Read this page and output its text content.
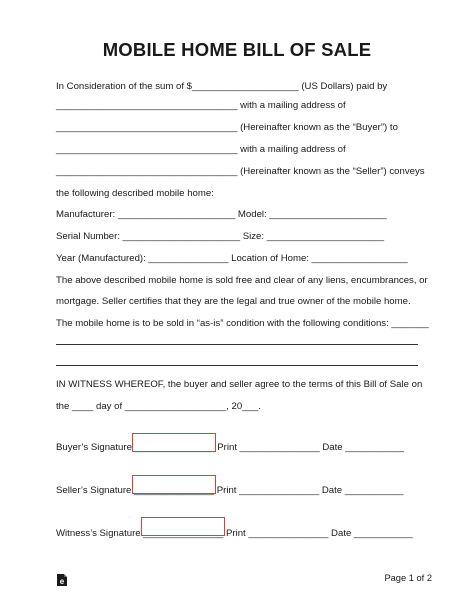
MOBILE HOME BILL OF SALE
In Consideration of the sum of $____________________ (US Dollars) paid by
__________________________________ with a mailing address of
__________________________________ (Hereinafter known as the “Buyer”) to
__________________________________ with a mailing address of
__________________________________ (Hereinafter known as the “Seller”) conveys
the following described mobile home:
Manufacturer: ______________________ Model: ______________________
Serial Number: ______________________ Size: ______________________
Year (Manufactured): _______________ Location of Home: __________________
The above described mobile home is sold free and clear of any liens, encumbrances, or
mortgage. Seller certifies that they are the legal and true owner of the mobile home.
The mobile home is to be sold in “as-is” condition with the following conditions: _______
IN WITNESS WHEREOF, the buyer and seller agree to the terms of this Bill of Sale on
the ____ day of ___________________, 20___.
Buyer’s Signature _______________ Print _______________ Date ___________
Seller’s Signature _______________ Print _______________ Date ___________
Witness’s Signature _______________ Print _______________ Date ___________
e	Page 1 of 2
